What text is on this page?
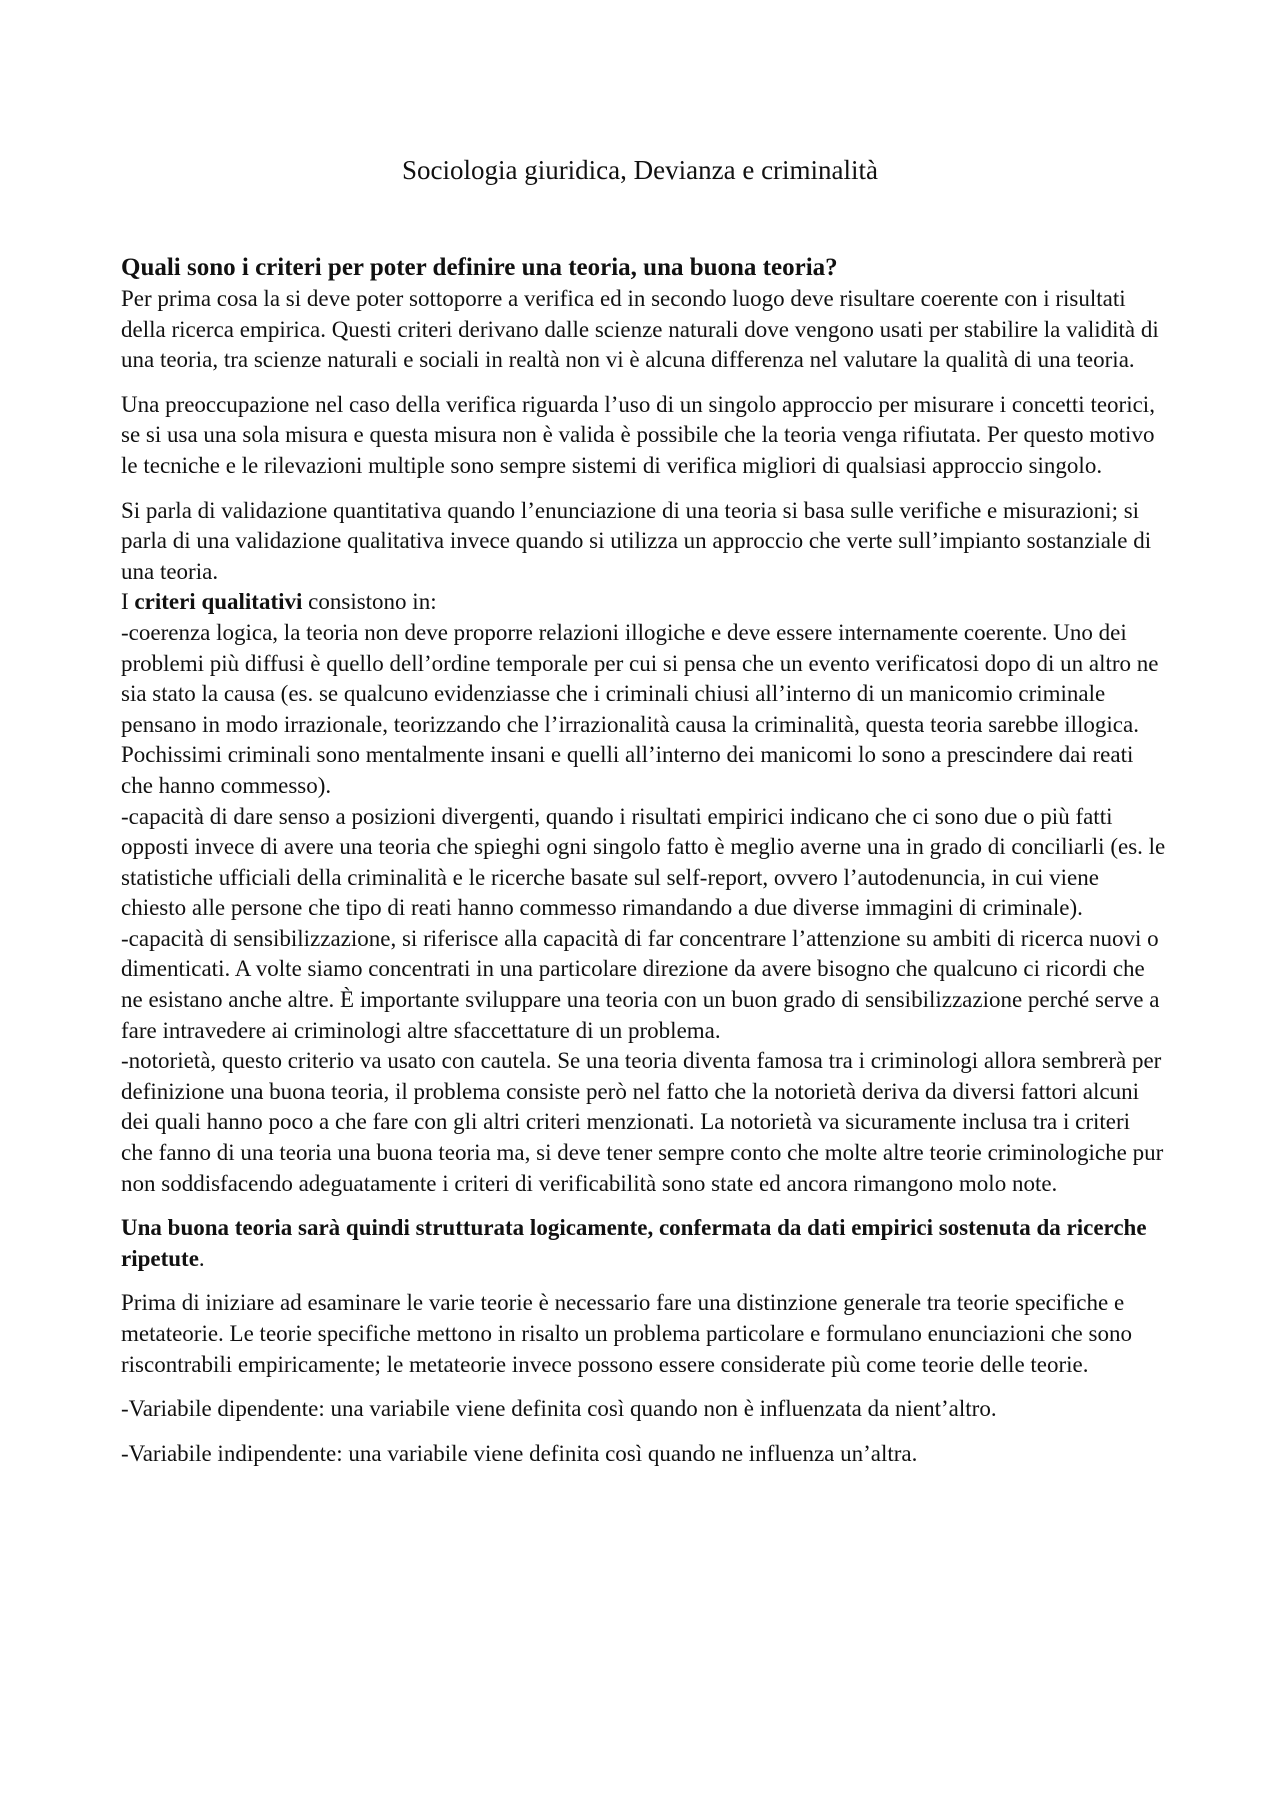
Sociologia giuridica, Devianza e criminalità
Quali sono i criteri per poter definire una teoria, una buona teoria?

Per prima cosa la si deve poter sottoporre a verifica ed in secondo luogo deve risultare coerente con i risultati della ricerca empirica. Questi criteri derivano dalle scienze naturali dove vengono usati per stabilire la validità di una teoria, tra scienze naturali e sociali in realtà non vi è alcuna differenza nel valutare la qualità di una teoria.

Una preoccupazione nel caso della verifica riguarda l’uso di un singolo approccio per misurare i concetti teorici, se si usa una sola misura e questa misura non è valida è possibile che la teoria venga rifiutata. Per questo motivo le tecniche e le rilevazioni multiple sono sempre sistemi di verifica migliori di qualsiasi approccio singolo.

Si parla di validazione quantitativa quando l’enunciazione di una teoria si basa sulle verifiche e misurazioni; si parla di una validazione qualitativa invece quando si utilizza un approccio che verte sull’impianto sostanziale di una teoria.

I criteri qualitativi consistono in:

-coerenza logica, la teoria non deve proporre relazioni illogiche e deve essere internamente coerente. Uno dei problemi più diffusi è quello dell’ordine temporale per cui si pensa che un evento verificatosi dopo di un altro ne sia stato la causa (es. se qualcuno evidenziasse che i criminali chiusi all’interno di un manicomio criminale pensano in modo irrazionale, teorizzando che l’irrazionalità causa la criminalità, questa teoria sarebbe illogica. Pochissimi criminali sono mentalmente insani e quelli all’interno dei manicomi lo sono a prescindere dai reati che hanno commesso).

-capacità di dare senso a posizioni divergenti, quando i risultati empirici indicano che ci sono due o più fatti opposti invece di avere una teoria che spieghi ogni singolo fatto è meglio averne una in grado di conciliarli (es. le statistiche ufficiali della criminalità e le ricerche basate sul self-report, ovvero l’autodenuncia, in cui viene chiesto alle persone che tipo di reati hanno commesso rimandando a due diverse immagini di criminale).

-capacità di sensibilizzazione, si riferisce alla capacità di far concentrare l’attenzione su ambiti di ricerca nuovi o dimenticati. A volte siamo concentrati in una particolare direzione da avere bisogno che qualcuno ci ricordi che ne esistano anche altre. È importante sviluppare una teoria con un buon grado di sensibilizzazione perché serve a fare intravedere ai criminologi altre sfaccettature di un problema.

-notorietà, questo criterio va usato con cautela. Se una teoria diventa famosa tra i criminologi allora sembrerà per definizione una buona teoria, il problema consiste però nel fatto che la notorietà deriva da diversi fattori alcuni dei quali hanno poco a che fare con gli altri criteri menzionati. La notorietà va sicuramente inclusa tra i criteri che fanno di una teoria una buona teoria ma, si deve tener sempre conto che molte altre teorie criminologiche pur non soddisfacendo adeguatamente i criteri di verificabilità sono state ed ancora rimangono molo note.

Una buona teoria sarà quindi strutturata logicamente, confermata da dati empirici sostenuta da ricerche ripetute.

Prima di iniziare ad esaminare le varie teorie è necessario fare una distinzione generale tra teorie specifiche e metateorie. Le teorie specifiche mettono in risalto un problema particolare e formulano enunciazioni che sono riscontrabili empiricamente; le metateorie invece possono essere considerate più come teorie delle teorie.

-Variabile dipendente: una variabile viene definita così quando non è influenzata da nient’altro.

-Variabile indipendente: una variabile viene definita così quando ne influenza un’altra.
